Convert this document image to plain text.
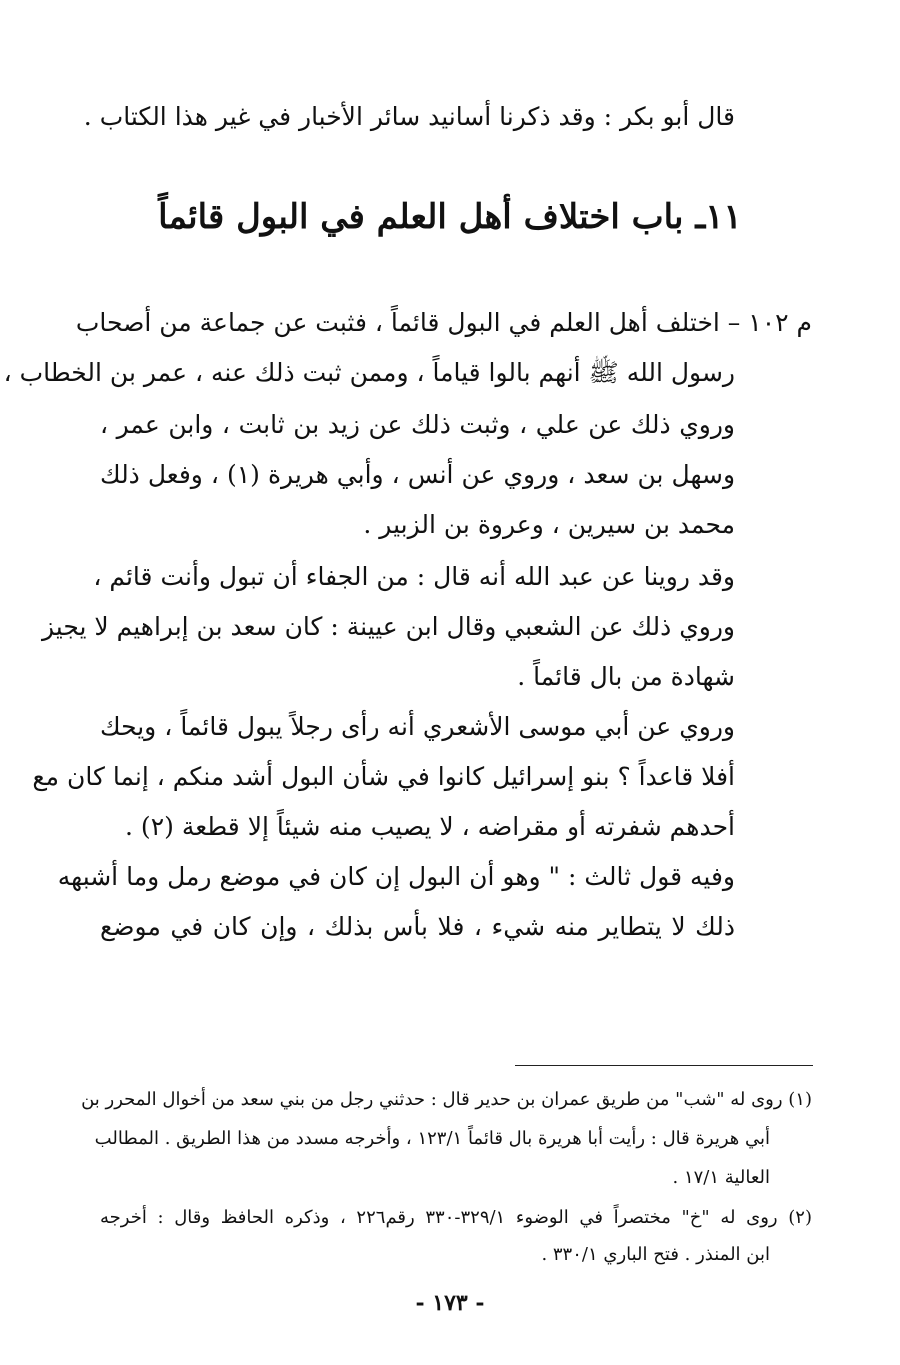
قال أبو بكر : وقد ذكرنا أسانيد سائر الأخبار في غير هذا الكتاب .
١١ـ باب اختلاف أهل العلم في البول قائماً
م ١٠٢ – اختلف أهل العلم في البول قائماً ، فثبت عن جماعة من أصحاب
رسول الله ﷺ أنهم بالوا قياماً ، وممن ثبت ذلك عنه ، عمر بن الخطاب ،
وروي ذلك عن علي ، وثبت ذلك عن زيد بن ثابت ، وابن عمر ،
وسهل بن سعد ، وروي عن أنس ، وأبي هريرة (١) ، وفعل ذلك
محمد بن سيرين ، وعروة بن الزبير .
وقد روينا عن عبد الله أنه قال : من الجفاء أن تبول وأنت قائم ،
وروي ذلك عن الشعبي وقال ابن عيينة : كان سعد بن إبراهيم لا يجيز
شهادة من بال قائماً .
وروي عن أبي موسى الأشعري أنه رأى رجلاً يبول قائماً ، ويحك
أفلا قاعداً ؟ بنو إسرائيل كانوا في شأن البول أشد منكم ، إنما كان مع
أحدهم شفرته أو مقراضه ، لا يصيب منه شيئاً إلا قطعة (٢) .
وفيه قول ثالث : " وهو أن البول إن كان في موضع رمل وما أشبهه
ذلك لا يتطاير منه شيء ، فلا بأس بذلك ، وإن كان في موضع
(١) روى له "شب" من طريق عمران بن حدير قال : حدثني رجل من بني سعد من أخوال المحرر بن
أبي هريرة قال : رأيت أبا هريرة بال قائماً ١٢٣/١ ، وأخرجه مسدد من هذا الطريق . المطالب
العالية ١٧/١ .
(٢) روى له "خ" مختصراً في الوضوء ٣٢٩/١-٣٣٠ رقم٢٢٦ ، وذكره الحافظ وقال : أخرجه
ابن المنذر . فتح الباري ٣٣٠/١ .
- ١٧٣ -
